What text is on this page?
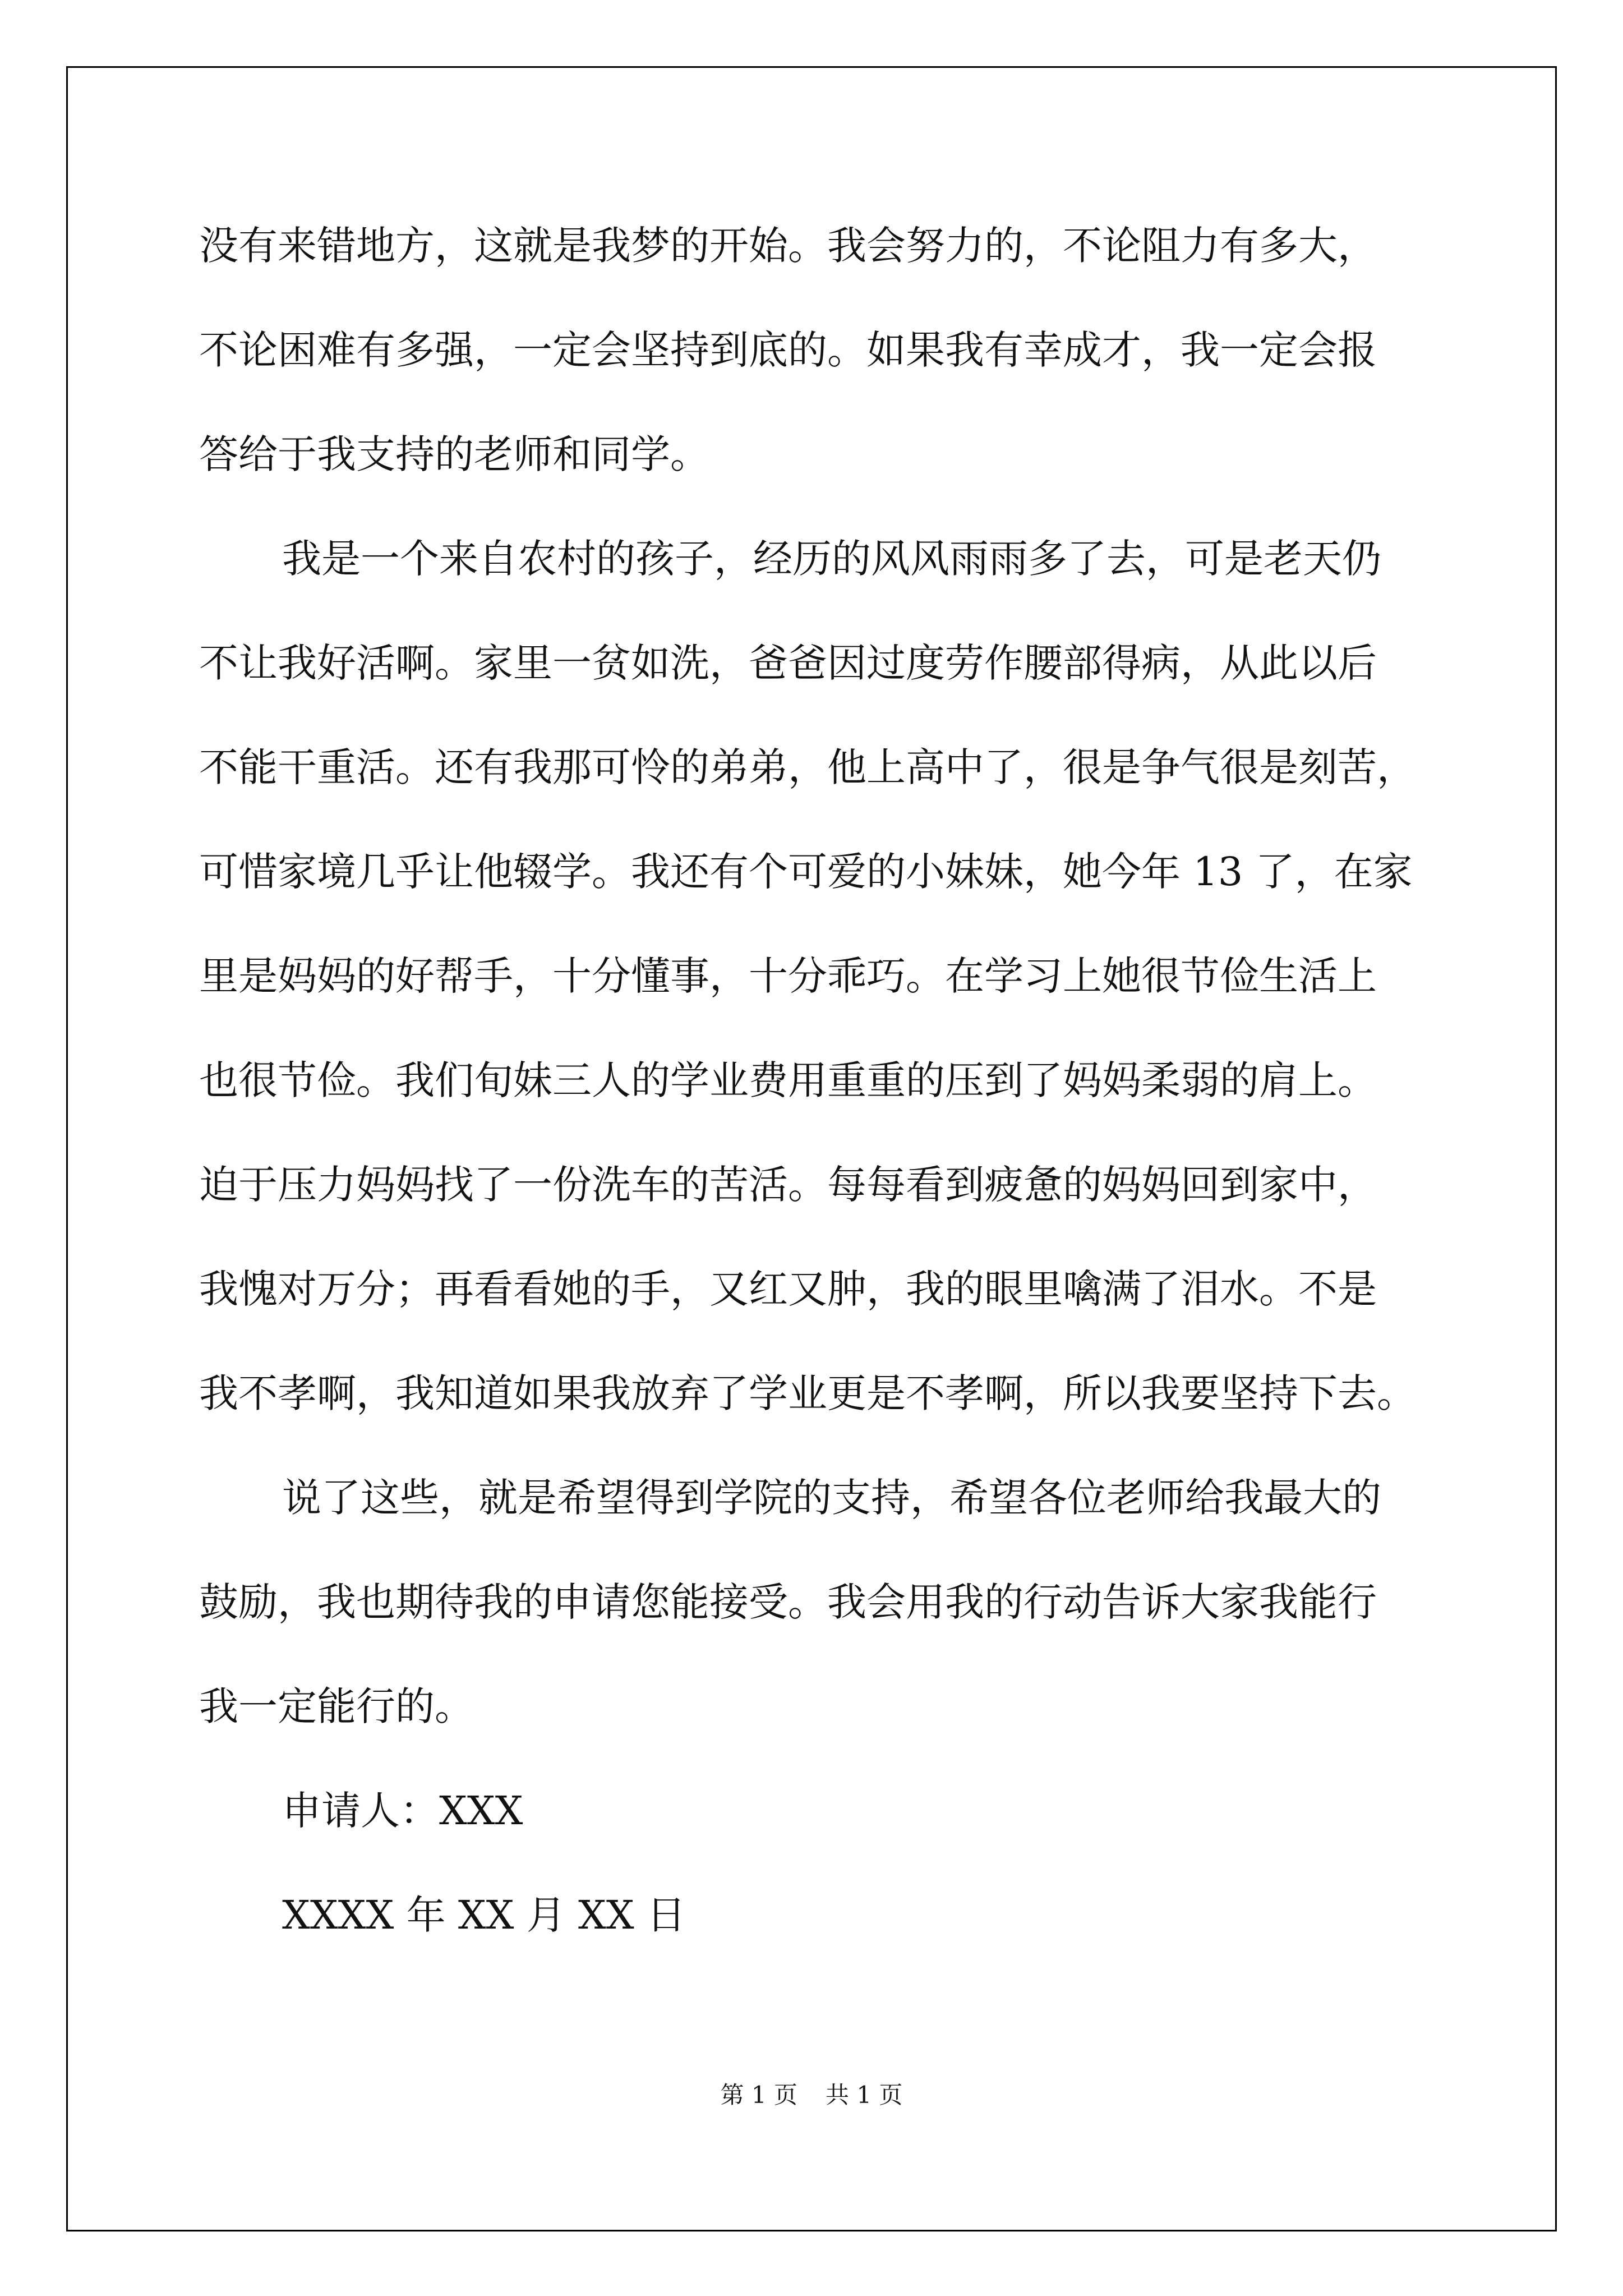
没有来错地方，这就是我梦的开始。我会努力的，不论阻力有多大，
不论困难有多强，一定会坚持到底的。如果我有幸成才，我一定会报
答给于我支持的老师和同学。
我是一个来自农村的孩子，经历的风风雨雨多了去，可是老天仍
不让我好活啊。家里一贫如洗，爸爸因过度劳作腰部得病，从此以后
不能干重活。还有我那可怜的弟弟，他上高中了，很是争气很是刻苦，
可惜家境几乎让他辍学。我还有个可爱的小妹妹，她今年 13 了，在家
里是妈妈的好帮手，十分懂事，十分乖巧。在学习上她很节俭生活上
也很节俭。我们旬妹三人的学业费用重重的压到了妈妈柔弱的肩上。
迫于压力妈妈找了一份洗车的苦活。每每看到疲惫的妈妈回到家中，
我愧对万分；再看看她的手，又红又肿，我的眼里噙满了泪水。不是
我不孝啊，我知道如果我放弃了学业更是不孝啊，所以我要坚持下去。
说了这些，就是希望得到学院的支持，希望各位老师给我最大的
鼓励，我也期待我的申请您能接受。我会用我的行动告诉大家我能行
我一定能行的。
申请人：XXX
XXXX 年 XX 月 XX 日
第 1 页 共 1 页
